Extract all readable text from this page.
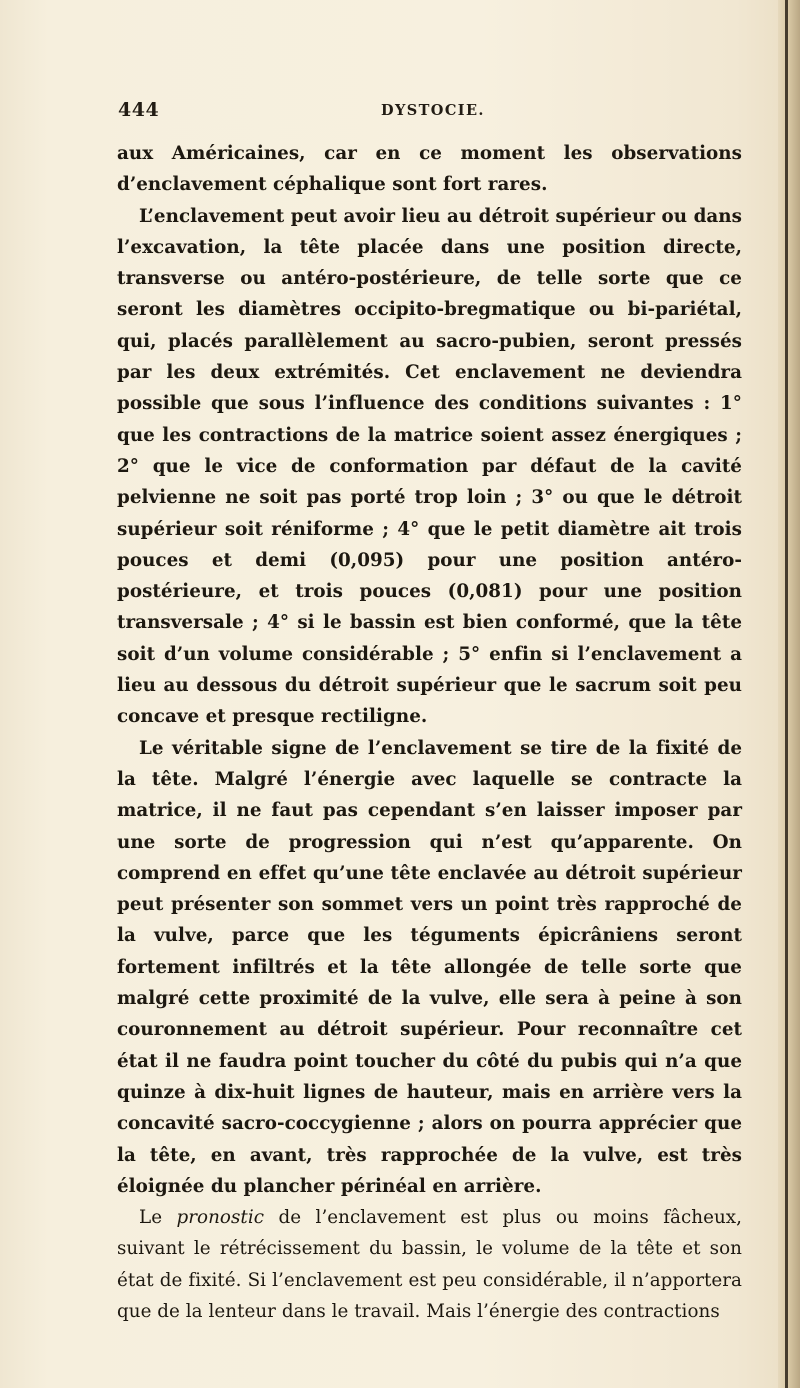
444	DYSTOCIE.

aux Américaines, car en ce moment les observations d’enclavement céphalique sont fort rares.

L’enclavement peut avoir lieu au détroit supérieur ou dans l’excavation, la tête placée dans une position directe, transverse ou antéro-postérieure, de telle sorte que ce seront les diamètres occipito-bregmatique ou bi-pariétal, qui, placés parallèlement au sacro-pubien, seront pressés par les deux extrémités. Cet enclavement ne deviendra possible que sous l’influence des conditions suivantes : 1° que les contractions de la matrice soient assez énergiques ; 2° que le vice de conformation par défaut de la cavité pelvienne ne soit pas porté trop loin ; 3° ou que le détroit supérieur soit réniforme ; 4° que le petit diamètre ait trois pouces et demi (0,095) pour une position antéro-postérieure, et trois pouces (0,081) pour une position transversale ; 4° si le bassin est bien conformé, que la tête soit d’un volume considérable ; 5° enfin si l’enclavement a lieu au dessous du détroit supérieur que le sacrum soit peu concave et presque rectiligne.

Le véritable signe de l’enclavement se tire de la fixité de la tête. Malgré l’énergie avec laquelle se contracte la matrice, il ne faut pas cependant s’en laisser imposer par une sorte de progression qui n’est qu’apparente. On comprend en effet qu’une tête enclavée au détroit supérieur peut présenter son sommet vers un point très rapproché de la vulve, parce que les téguments épicrâniens seront fortement infiltrés et la tête allongée de telle sorte que malgré cette proximité de la vulve, elle sera à peine à son couronnement au détroit supérieur. Pour reconnaître cet état il ne faudra point toucher du côté du pubis qui n’a que quinze à dix-huit lignes de hauteur, mais en arrière vers la concavité sacro-coccygienne ; alors on pourra apprécier que la tête, en avant, très rapprochée de la vulve, est très éloignée du plancher périnéal en arrière.

Le pronostic de l’enclavement est plus ou moins fâcheux, suivant le rétrécissement du bassin, le volume de la tête et son état de fixité. Si l’enclavement est peu considérable, il n’apportera que de la lenteur dans le travail. Mais l’énergie des contractions
